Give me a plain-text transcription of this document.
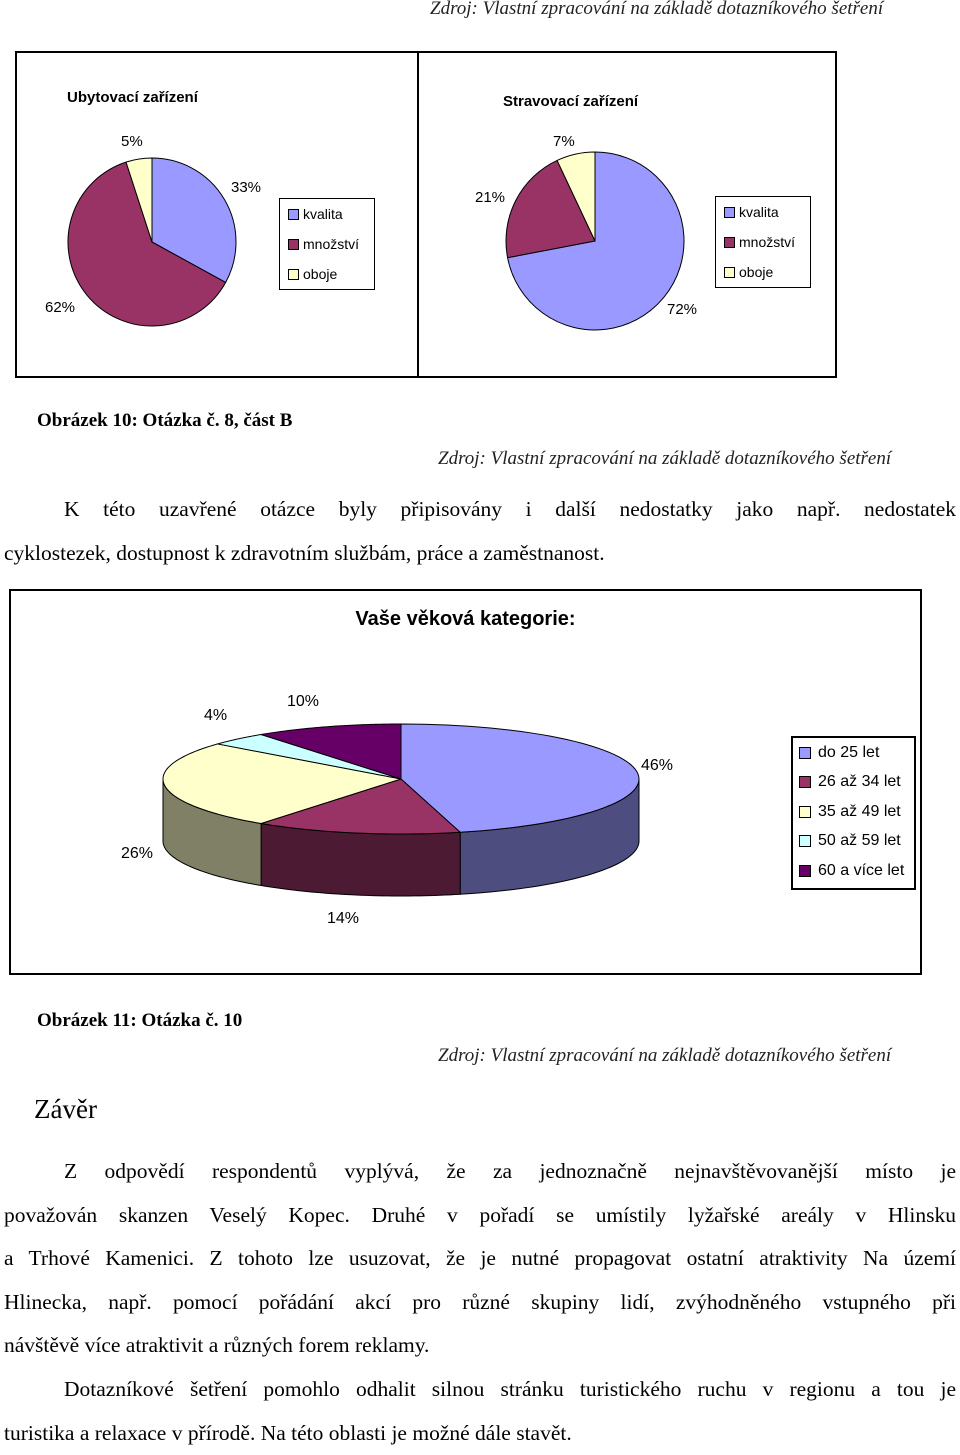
Zdroj: Vlastní zpracování na základě dotazníkového šetření
Ubytovací zařízení
33%
62%
5%
kvalita
množství
oboje
Stravovací zařízení
72%
21%
7%
kvalita
množství
oboje
Obrázek 10: Otázka č. 8, část B
Zdroj: Vlastní zpracování na základě dotazníkového šetření
K této uzavřené otázce byly připisovány i další nedostatky jako např. nedostatek
cyklostezek, dostupnost k zdravotním službám, práce a zaměstnanost.
Vaše věková kategorie:
46%
14%
26%
4%
10%
do 25 let
26 až 34 let
35 až 49 let
50 až 59 let
60 a více let
Obrázek 11: Otázka č. 10
Zdroj: Vlastní zpracování na základě dotazníkového šetření
Závěr
Z odpovědí respondentů vyplývá, že za jednoznačně nejnavštěvovanější místo je
považován skanzen Veselý Kopec. Druhé v pořadí se umístily lyžařské areály v Hlinsku
a Trhové Kamenici. Z tohoto lze usuzovat, že je nutné propagovat ostatní atraktivity Na území
Hlinecka, např. pomocí pořádání akcí pro různé skupiny lidí, zvýhodněného vstupného při
návštěvě více atraktivit a různých forem reklamy.
Dotazníkové šetření pomohlo odhalit silnou stránku turistického ruchu v regionu a tou je
turistika a relaxace v přírodě. Na této oblasti je možné dále stavět.
